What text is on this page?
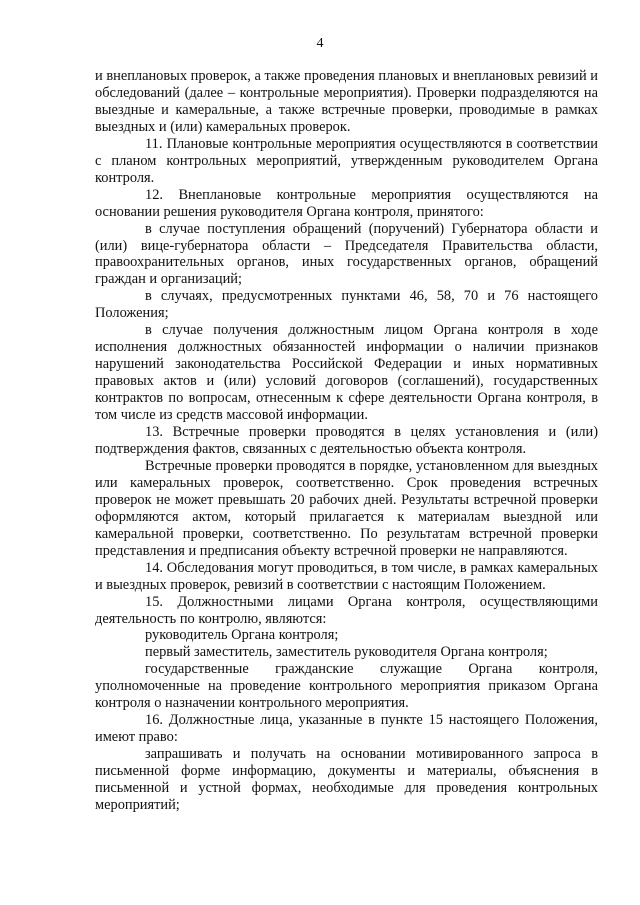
4

и внеплановых проверок, а также проведения плановых и внеплановых ревизий и обследований (далее – контрольные мероприятия). Проверки подразделяются на выездные и камеральные, а также встречные проверки, проводимые в рамках выездных и (или) камеральных проверок.

11. Плановые контрольные мероприятия осуществляются в соответствии с планом контрольных мероприятий, утвержденным руководителем Органа контроля.

12. Внеплановые контрольные мероприятия осуществляются на основании решения руководителя Органа контроля, принятого:

в случае поступления обращений (поручений) Губернатора области и (или) вице-губернатора области – Председателя Правительства области, правоохранительных органов, иных государственных органов, обращений граждан и организаций;

в случаях, предусмотренных пунктами 46, 58, 70 и 76 настоящего Положения;

в случае получения должностным лицом Органа контроля в ходе исполнения должностных обязанностей информации о наличии признаков нарушений законодательства Российской Федерации и иных нормативных правовых актов и (или) условий договоров (соглашений), государственных контрактов по вопросам, отнесенным к сфере деятельности Органа контроля, в том числе из средств массовой информации.

13. Встречные проверки проводятся в целях установления и (или) подтверждения фактов, связанных с деятельностью объекта контроля.

Встречные проверки проводятся в порядке, установленном для выездных или камеральных проверок, соответственно. Срок проведения встречных проверок не может превышать 20 рабочих дней. Результаты встречной проверки оформляются актом, который прилагается к материалам выездной или камеральной проверки, соответственно. По результатам встречной проверки представления и предписания объекту встречной проверки не направляются.

14. Обследования могут проводиться, в том числе, в рамках камеральных и выездных проверок, ревизий в соответствии с настоящим Положением.

15. Должностными лицами Органа контроля, осуществляющими деятельность по контролю, являются:

руководитель Органа контроля;

первый заместитель, заместитель руководителя Органа контроля;

государственные гражданские служащие Органа контроля, уполномоченные на проведение контрольного мероприятия приказом Органа контроля о назначении контрольного мероприятия.

16. Должностные лица, указанные в пункте 15 настоящего Положения, имеют право:

запрашивать и получать на основании мотивированного запроса в письменной форме информацию, документы и материалы, объяснения в письменной и устной формах, необходимые для проведения контрольных мероприятий;
